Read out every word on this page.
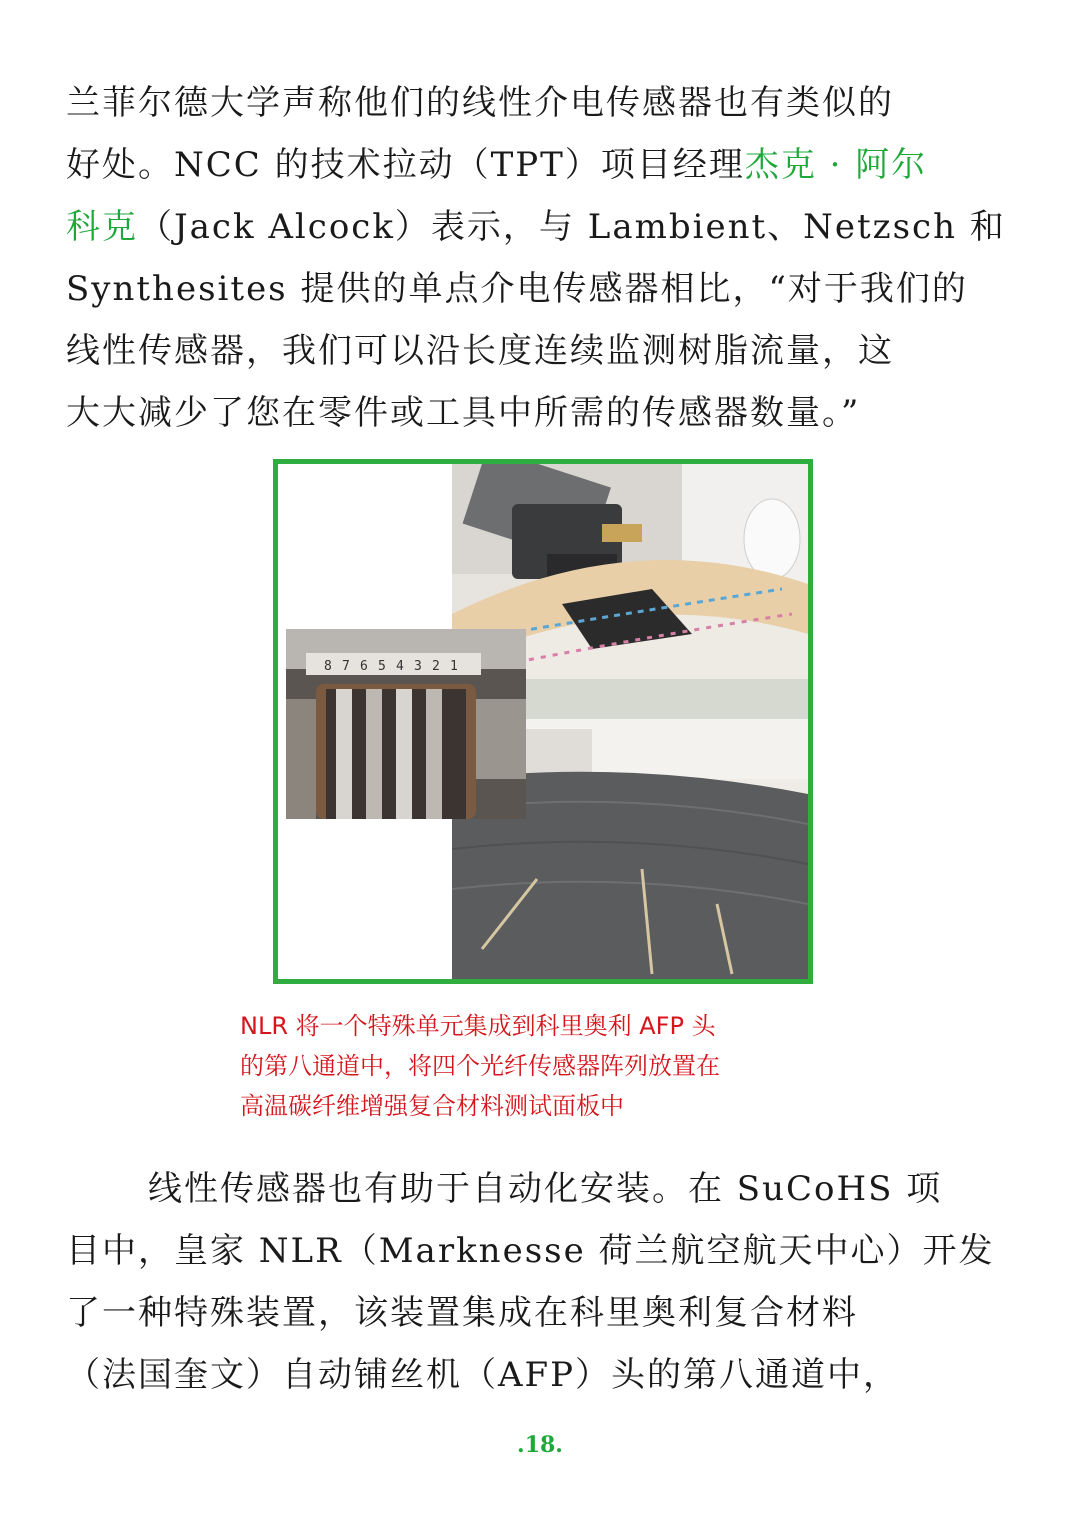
兰菲尔德大学声称他们的线性介电传感器也有类似的
好处。NCC 的技术拉动（TPT）项目经理杰克 · 阿尔
科克（Jack Alcock）表示，与 Lambient、Netzsch 和
Synthesites 提供的单点介电传感器相比，“对于我们的
线性传感器，我们可以沿长度连续监测树脂流量，这
大大减少了您在零件或工具中所需的传感器数量。”
8 7 6 5 4 3 2 1
NLR 将一个特殊单元集成到科里奥利 AFP 头
的第八通道中，将四个光纤传感器阵列放置在
高温碳纤维增强复合材料测试面板中
线性传感器也有助于自动化安装。在 SuCoHS 项
目中，皇家 NLR（Marknesse 荷兰航空航天中心）开发
了一种特殊装置，该装置集成在科里奥利复合材料
（法国奎文）自动铺丝机（AFP）头的第八通道中，
.18.
